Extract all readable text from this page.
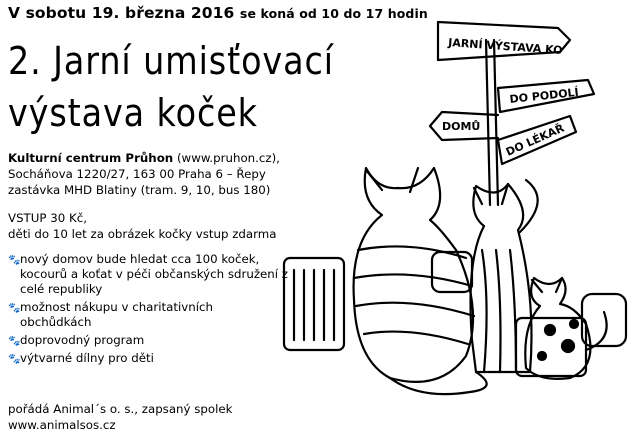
V sobotu 19. března 2016 se koná od 10 do 17 hodin
2. Jarní umisťovací
výstava koček
Kulturní centrum Průhon (www.pruhon.cz),
Socháňova 1220/27, 163 00 Praha 6 – Řepy
zastávka MHD Blatiny (tram. 9, 10, bus 180)
VSTUP 30 Kč,
děti do 10 let za obrázek kočky vstup zdarma
🐾 nový domov bude hledat cca 100 koček, kocourů a koťat v péči občanských sdružení z celé republiky
🐾 možnost nákupu v charitativních obchůdkách
🐾 doprovodný program
🐾 výtvarné dílny pro děti
pořádá Animal´s o. s., zapsaný spolek
www.animalsos.cz
JARNÍ VÝSTAVA KO
DO PODOLÍ
DOMŮ DO LÉKAŘ
